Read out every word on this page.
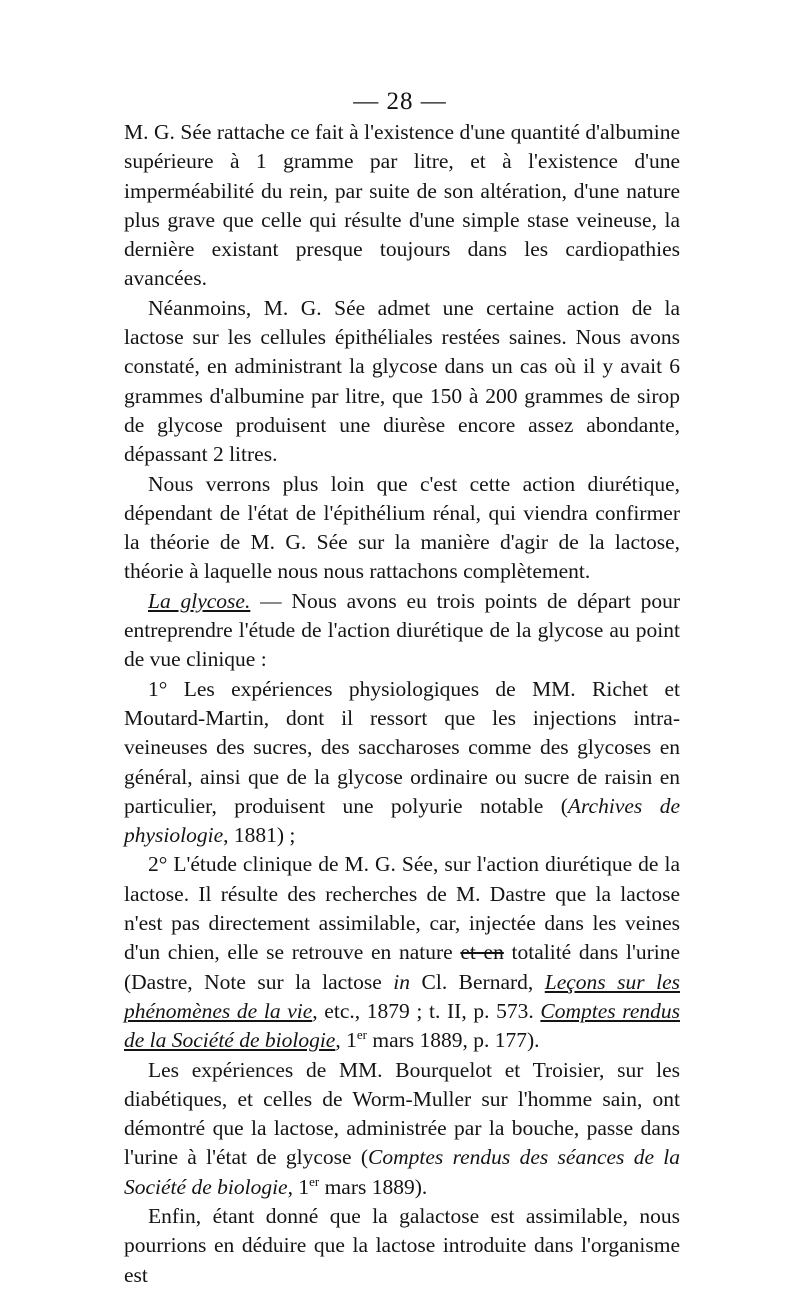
— 28 —

M. G. Sée rattache ce fait à l'existence d'une quantité d'albumine supérieure à 1 gramme par litre, et à l'existence d'une imperméabilité du rein, par suite de son altération, d'une nature plus grave que celle qui résulte d'une simple stase veineuse, la dernière existant presque toujours dans les cardiopathies avancées.

Néanmoins, M. G. Sée admet une certaine action de la lactose sur les cellules épithéliales restées saines. Nous avons constaté, en administrant la glycose dans un cas où il y avait 6 grammes d'albumine par litre, que 150 à 200 grammes de sirop de glycose produisent une diurèse encore assez abondante, dépassant 2 litres.

Nous verrons plus loin que c'est cette action diurétique, dépendant de l'état de l'épithélium rénal, qui viendra confirmer la théorie de M. G. Sée sur la manière d'agir de la lactose, théorie à laquelle nous nous rattachons complètement.

La glycose. — Nous avons eu trois points de départ pour entreprendre l'étude de l'action diurétique de la glycose au point de vue clinique :

1° Les expériences physiologiques de MM. Richet et Moutard-Martin, dont il ressort que les injections intra-veineuses des sucres, des saccharoses comme des glycoses en général, ainsi que de la glycose ordinaire ou sucre de raisin en particulier, produisent une polyurie notable (Archives de physiologie, 1881) ;

2° L'étude clinique de M. G. Sée, sur l'action diurétique de la lactose. Il résulte des recherches de M. Dastre que la lactose n'est pas directement assimilable, car, injectée dans les veines d'un chien, elle se retrouve en nature et en totalité dans l'urine (Dastre, Note sur la lactose in Cl. Bernard, Leçons sur les phénomènes de la vie, etc., 1879 ; t. II, p. 573. Comptes rendus de la Société de biologie, 1er mars 1889, p. 177).

Les expériences de MM. Bourquelot et Troisier, sur les diabétiques, et celles de Worm-Muller sur l'homme sain, ont démontré que la lactose, administrée par la bouche, passe dans l'urine à l'état de glycose (Comptes rendus des séances de la Société de biologie, 1er mars 1889).

Enfin, étant donné que la galactose est assimilable, nous pourrions en déduire que la lactose introduite dans l'organisme est
